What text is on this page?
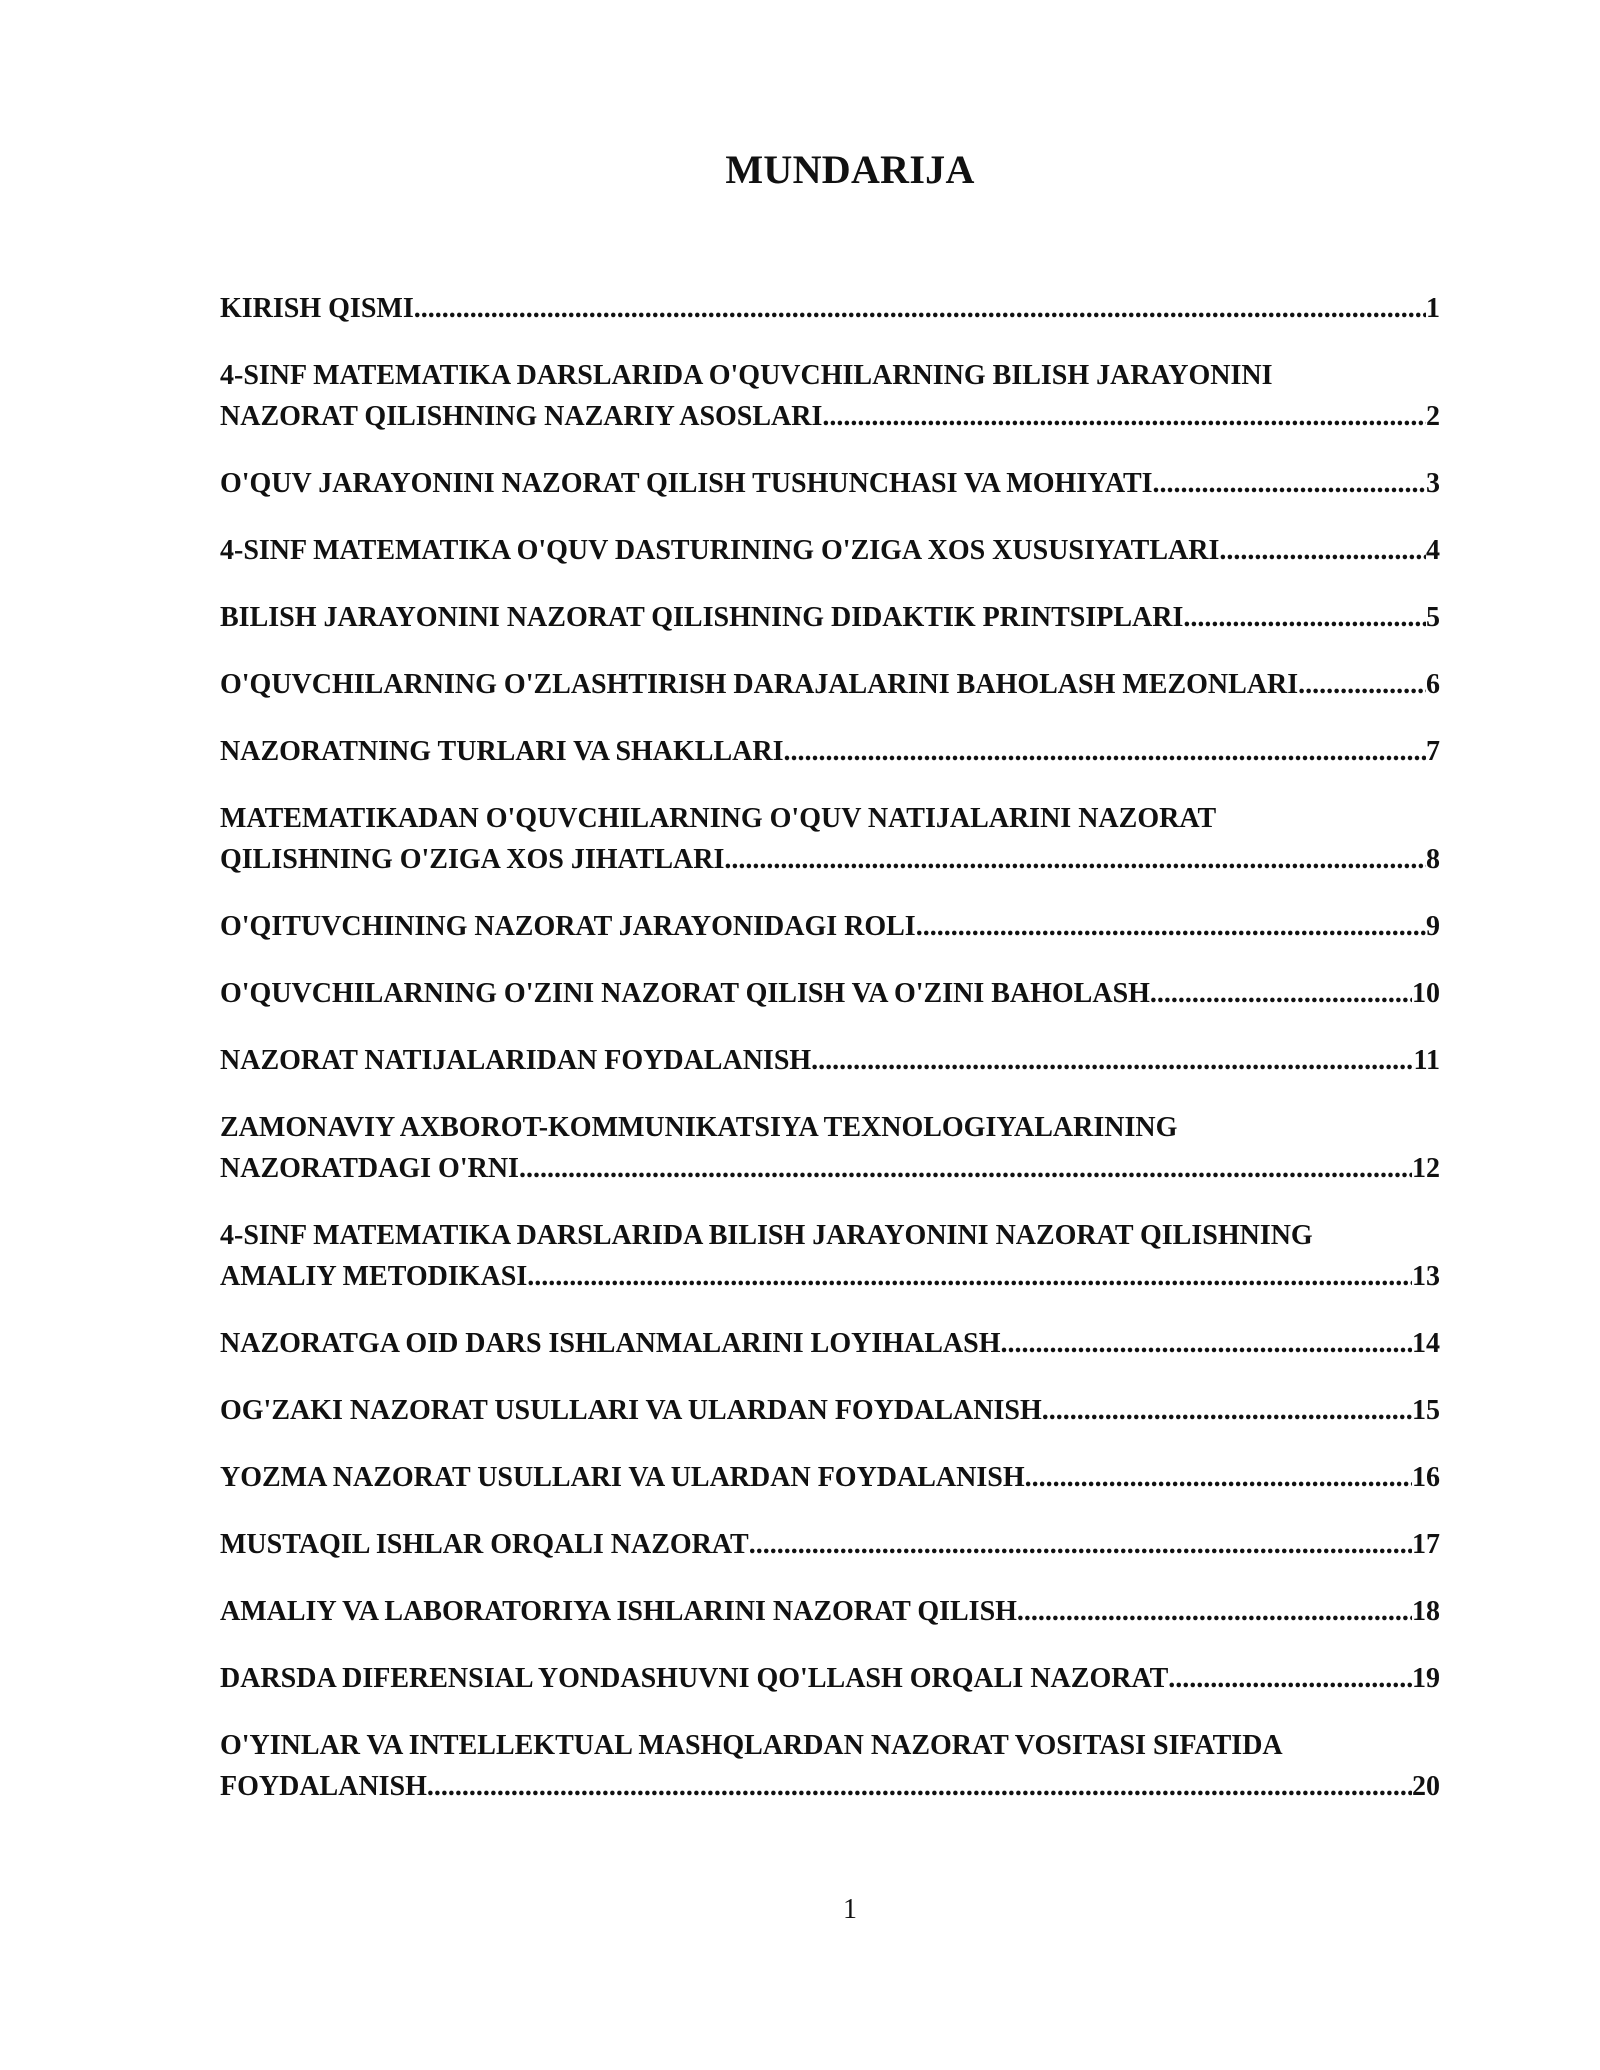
MUNDARIJA
KIRISH QISMI .....	1
4-SINF MATEMATIKA DARSLARIDA O'QUVCHILARNING BILISH JARAYONINI
NAZORAT QILISHNING NAZARIY ASOSLARI .....	2
O'QUV JARAYONINI NAZORAT QILISH TUSHUNCHASI VA MOHIYATI .....	3
4-SINF MATEMATIKA O'QUV DASTURINING O'ZIGA XOS XUSUSIYATLARI .....	4
BILISH JARAYONINI NAZORAT QILISHNING DIDAKTIK PRINTSIPLARI .....	5
O'QUVCHILARNING O'ZLASHTIRISH DARAJALARINI BAHOLASH MEZONLARI .....	6
NAZORATNING TURLARI VA SHAKLLARI .....	7
MATEMATIKADAN O'QUVCHILARNING O'QUV NATIJALARINI NAZORAT
QILISHNING O'ZIGA XOS JIHATLARI .....	8
O'QITUVCHINING NAZORAT JARAYONIDAGI ROLI .....	9
O'QUVCHILARNING O'ZINI NAZORAT QILISH VA O'ZINI BAHOLASH .....	10
NAZORAT NATIJALARIDAN FOYDALANISH .....	11
ZAMONAVIY AXBOROT-KOMMUNIKATSIYA TEXNOLOGIYALARINING
NAZORATDAGI O'RNI .....	12
4-SINF MATEMATIKA DARSLARIDA BILISH JARAYONINI NAZORAT QILISHNING
AMALIY METODIKASI .....	13
NAZORATGA OID DARS ISHLANMALARINI LOYIHALASH .....	14
OG'ZAKI NAZORAT USULLARI VA ULARDAN FOYDALANISH .....	15
YOZMA NAZORAT USULLARI VA ULARDAN FOYDALANISH .....	16
MUSTAQIL ISHLAR ORQALI NAZORAT .....	17
AMALIY VA LABORATORIYA ISHLARINI NAZORAT QILISH .....	18
DARSDA DIFERENSIAL YONDASHUVNI QO'LLASH ORQALI NAZORAT .....	19
O'YINLAR VA INTELLEKTUAL MASHQLARDAN NAZORAT VOSITASI SIFATIDA
FOYDALANISH .....	20
1
